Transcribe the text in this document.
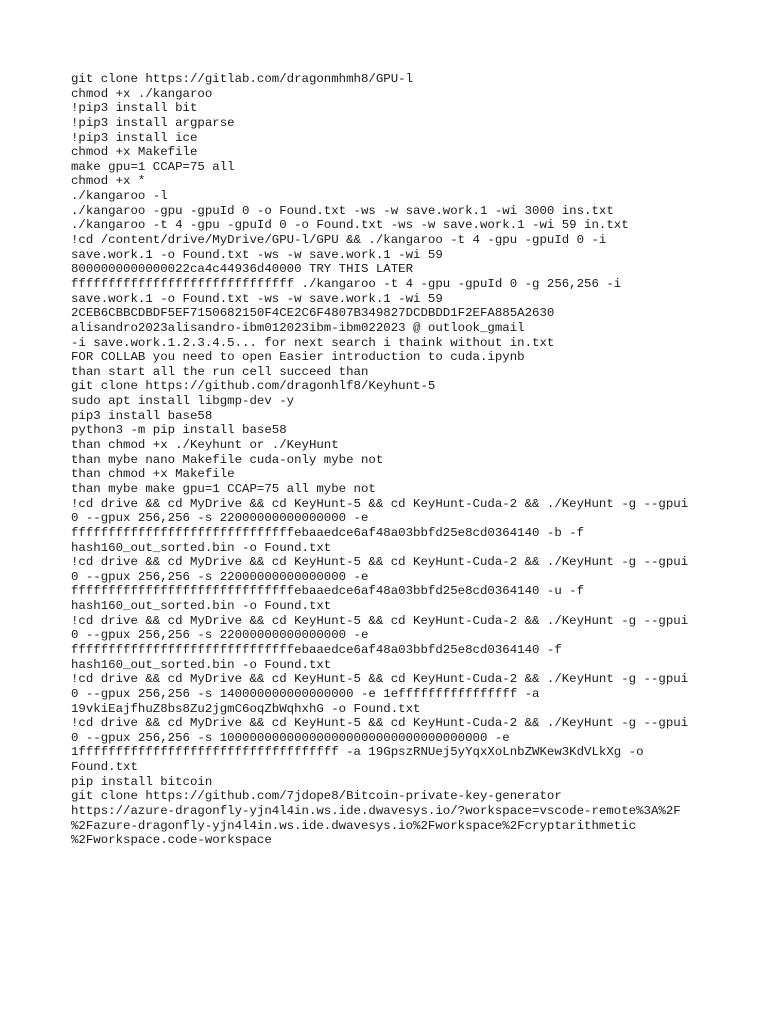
git clone https://gitlab.com/dragonmhmh8/GPU-l
chmod +x ./kangaroo
!pip3 install bit
!pip3 install argparse
!pip3 install ice
chmod +x Makefile
make gpu=1 CCAP=75 all
chmod +x *
./kangaroo -l
./kangaroo -gpu -gpuId 0 -o Found.txt -ws -w save.work.1 -wi 3000 ins.txt
./kangaroo -t 4 -gpu -gpuId 0 -o Found.txt -ws -w save.work.1 -wi 59 in.txt
!cd /content/drive/MyDrive/GPU-l/GPU && ./kangaroo -t 4 -gpu -gpuId 0 -i
save.work.1 -o Found.txt -ws -w save.work.1 -wi 59
8000000000000022ca4c44936d40000 TRY THIS LATER
ffffffffffffffffffffffffffffff ./kangaroo -t 4 -gpu -gpuId 0 -g 256,256 -i
save.work.1 -o Found.txt -ws -w save.work.1 -wi 59
2CEB6CBBCDBDF5EF7150682150F4CE2C6F4807B349827DCDBDD1F2EFA885A2630
alisandro2023alisandro-ibm012023ibm-ibm022023 @ outlook_gmail
-i save.work.1.2.3.4.5... for next search i thaink without in.txt
FOR COLLAB you need to open Easier introduction to cuda.ipynb
than start all the run cell succeed than
git clone https://github.com/dragonhlf8/Keyhunt-5
sudo apt install libgmp-dev -y
pip3 install base58
python3 -m pip install base58
than chmod +x ./Keyhunt or ./KeyHunt
than mybe nano Makefile cuda-only mybe not
than chmod +x Makefile
than mybe make gpu=1 CCAP=75 all mybe not
!cd drive && cd MyDrive && cd KeyHunt-5 && cd KeyHunt-Cuda-2 && ./KeyHunt -g --gpui
0 --gpux 256,256 -s 22000000000000000 -e
ffffffffffffffffffffffffffffffebaaedce6af48a03bbfd25e8cd0364140 -b -f
hash160_out_sorted.bin -o Found.txt
!cd drive && cd MyDrive && cd KeyHunt-5 && cd KeyHunt-Cuda-2 && ./KeyHunt -g --gpui
0 --gpux 256,256 -s 22000000000000000 -e
ffffffffffffffffffffffffffffffebaaedce6af48a03bbfd25e8cd0364140 -u -f
hash160_out_sorted.bin -o Found.txt
!cd drive && cd MyDrive && cd KeyHunt-5 && cd KeyHunt-Cuda-2 && ./KeyHunt -g --gpui
0 --gpux 256,256 -s 22000000000000000 -e
ffffffffffffffffffffffffffffffebaaedce6af48a03bbfd25e8cd0364140 -f
hash160_out_sorted.bin -o Found.txt
!cd drive && cd MyDrive && cd KeyHunt-5 && cd KeyHunt-Cuda-2 && ./KeyHunt -g --gpui
0 --gpux 256,256 -s 140000000000000000 -e 1effffffffffffffff -a
19vkiEajfhuZ8bs8Zu2jgmC6oqZbWqhxhG -o Found.txt
!cd drive && cd MyDrive && cd KeyHunt-5 && cd KeyHunt-Cuda-2 && ./KeyHunt -g --gpui
0 --gpux 256,256 -s 100000000000000000000000000000000000 -e
1fffffffffffffffffffffffffffffffffff -a 19GpszRNUej5yYqxXoLnbZWKew3KdVLkXg -o
Found.txt
pip install bitcoin
git clone https://github.com/7jdope8/Bitcoin-private-key-generator
https://azure-dragonfly-yjn4l4in.ws.ide.dwavesys.io/?workspace=vscode-remote%3A%2F
%2Fazure-dragonfly-yjn4l4in.ws.ide.dwavesys.io%2Fworkspace%2Fcryptarithmetic
%2Fworkspace.code-workspace
